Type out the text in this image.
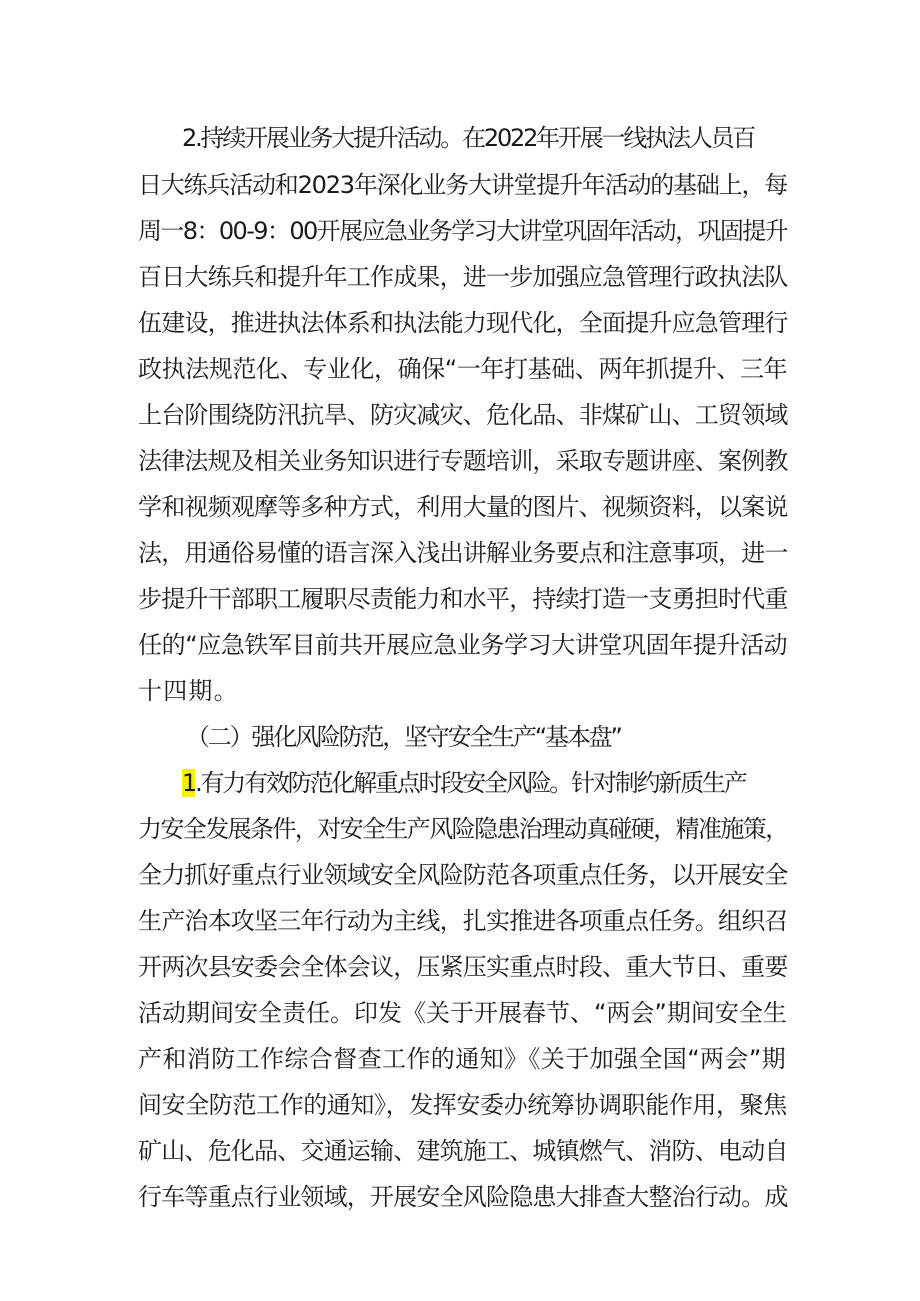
2.持续开展业务大提升活动。在2022年开展一线执法人员百
日大练兵活动和2023年深化业务大讲堂提升年活动的基础上，每
周一8：00-9：00开展应急业务学习大讲堂巩固年活动，巩固提升
百日大练兵和提升年工作成果，进一步加强应急管理行政执法队
伍建设，推进执法体系和执法能力现代化，全面提升应急管理行
政执法规范化、专业化，确保“一年打基础、两年抓提升、三年
上台阶围绕防汛抗旱、防灾减灾、危化品、非煤矿山、工贸领域
法律法规及相关业务知识进行专题培训，采取专题讲座、案例教
学和视频观摩等多种方式，利用大量的图片、视频资料，以案说
法，用通俗易懂的语言深入浅出讲解业务要点和注意事项，进一
步提升干部职工履职尽责能力和水平，持续打造一支勇担时代重
任的“应急铁军目前共开展应急业务学习大讲堂巩固年提升活动
十四期。
（二）强化风险防范，坚守安全生产“基本盘”
1.有力有效防范化解重点时段安全风险。针对制约新质生产
力安全发展条件，对安全生产风险隐患治理动真碰硬，精准施策，
全力抓好重点行业领域安全风险防范各项重点任务，以开展安全
生产治本攻坚三年行动为主线，扎实推进各项重点任务。组织召
开两次县安委会全体会议，压紧压实重点时段、重大节日、重要
活动期间安全责任。印发《关于开展春节、“两会”期间安全生
产和消防工作综合督查工作的通知》《关于加强全国“两会”期
间安全防范工作的通知》，发挥安委办统筹协调职能作用，聚焦
矿山、危化品、交通运输、建筑施工、城镇燃气、消防、电动自
行车等重点行业领域，开展安全风险隐患大排查大整治行动。成
